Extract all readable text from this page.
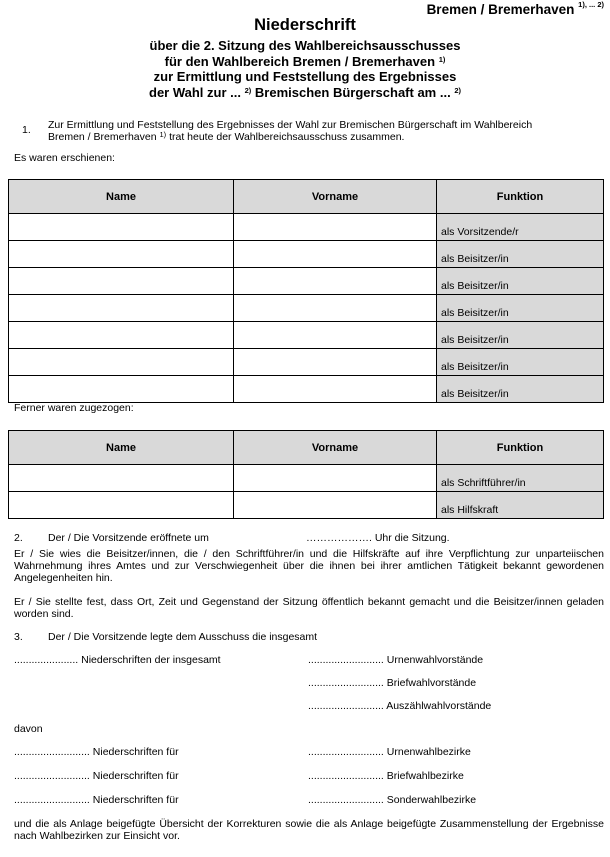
Bremen / Bremerhaven $^{1), ... 2)}$
Niederschrift
über die 2. Sitzung des Wahlbereichsausschusses
für den Wahlbereich Bremen / Bremerhaven $^{1)}$
zur Ermittlung und Feststellung des Ergebnisses
der Wahl zur ... $^{2)}$ Bremischen Bürgerschaft am ... $^{2)}$
1. Zur Ermittlung und Feststellung des Ergebnisses der Wahl zur Bremischen Bürgerschaft im Wahlbereich
Bremen / Bremerhaven $^{1)}$ trat heute der Wahlbereichsausschuss zusammen.
Es waren erschienen:
Name	Vorname	Funktion
		als Vorsitzende/r
		als Beisitzer/in
		als Beisitzer/in
		als Beisitzer/in
		als Beisitzer/in
		als Beisitzer/in
		als Beisitzer/in
Ferner waren zugezogen:
Name	Vorname	Funktion
		als Schriftführer/in
		als Hilfskraft
2. Der / Die Vorsitzende eröffnete um	………………. Uhr die Sitzung.
Er / Sie wies die Beisitzer/innen, die / den Schriftführer/in und die Hilfskräfte auf ihre Verpflichtung zur unparteiischen Wahrnehmung ihres Amtes und zur Verschwiegenheit über die ihnen bei ihrer amtlichen Tätigkeit bekannt gewordenen Angelegenheiten hin.
Er / Sie stellte fest, dass Ort, Zeit und Gegenstand der Sitzung öffentlich bekannt gemacht und die Beisitzer/innen geladen worden sind.
3. Der / Die Vorsitzende legte dem Ausschuss die insgesamt
...................... Niederschriften der insgesamt	.......................... Urnenwahlvorstände
.......................... Briefwahlvorstände
.......................... Auszählwahlvorstände
davon
.......................... Niederschriften für	.......................... Urnenwahlbezirke
.......................... Niederschriften für	.......................... Briefwahlbezirke
.......................... Niederschriften für	.......................... Sonderwahlbezirke
und die als Anlage beigefügte Übersicht der Korrekturen sowie die als Anlage beigefügte Zusammenstellung der Ergebnisse nach Wahlbezirken zur Einsicht vor.
